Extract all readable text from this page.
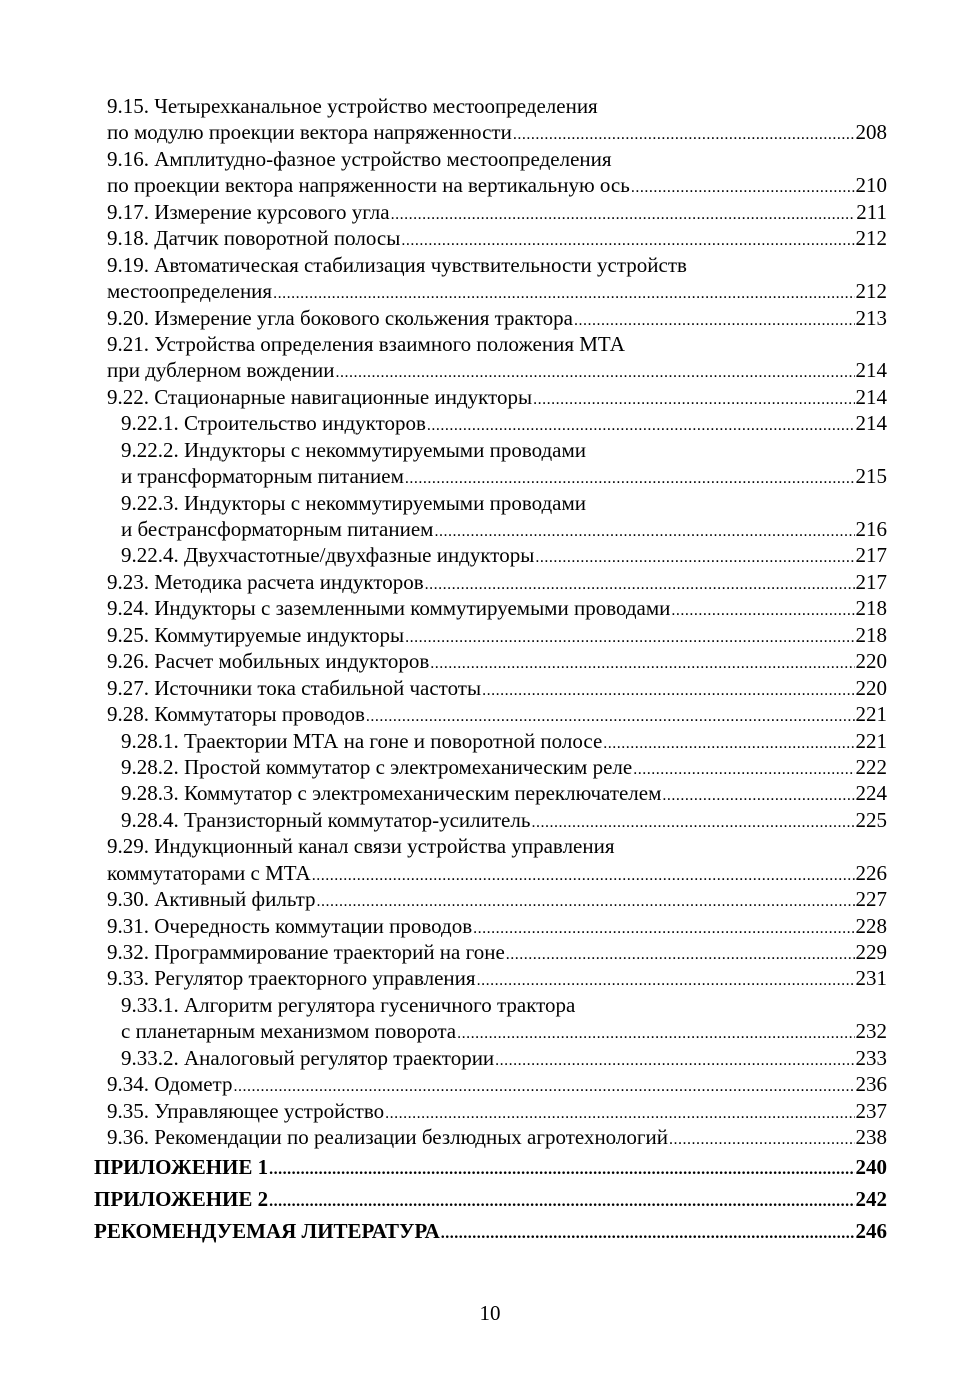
9.15. Четырехканальное устройство местоопределения
по модулю проекции вектора напряженности .....	208
9.16. Амплитудно-фазное устройство местоопределения
по проекции вектора напряженности на вертикальную ось .....	210
9.17. Измерение курсового угла .....	211
9.18. Датчик поворотной полосы .....	212
9.19. Автоматическая стабилизация чувствительности устройств
местоопределения .....	212
9.20. Измерение угла бокового скольжения трактора .....	213
9.21. Устройства определения взаимного положения МТА
при дублерном вождении .....	214
9.22. Стационарные навигационные индукторы .....	214
9.22.1. Строительство индукторов .....	214
9.22.2. Индукторы с некоммутируемыми проводами
и трансформаторным питанием .....	215
9.22.3. Индукторы с некоммутируемыми проводами
и бестрансформаторным питанием .....	216
9.22.4. Двухчастотные/двухфазные индукторы .....	217
9.23. Методика расчета индукторов .....	217
9.24. Индукторы с заземленными коммутируемыми проводами .....	218
9.25. Коммутируемые индукторы .....	218
9.26. Расчет мобильных индукторов .....	220
9.27. Источники тока стабильной частоты .....	220
9.28. Коммутаторы проводов .....	221
9.28.1. Траектории МТА на гоне и поворотной полосе .....	221
9.28.2. Простой коммутатор с электромеханическим реле .....	222
9.28.3. Коммутатор с электромеханическим переключателем .....	224
9.28.4. Транзисторный коммутатор-усилитель .....	225
9.29. Индукционный канал связи устройства управления
коммутаторами с МТА .....	226
9.30. Активный фильтр .....	227
9.31. Очередность коммутации проводов .....	228
9.32. Программирование траекторий на гоне .....	229
9.33. Регулятор траекторного управления .....	231
9.33.1. Алгоритм регулятора гусеничного трактора
с планетарным механизмом поворота .....	232
9.33.2. Аналоговый регулятор траектории .....	233
9.34. Одометр .....	236
9.35. Управляющее устройство .....	237
9.36. Рекомендации по реализации безлюдных агротехнологий .....	238
ПРИЛОЖЕНИЕ 1 .....	240
ПРИЛОЖЕНИЕ 2 .....	242
РЕКОМЕНДУЕМАЯ ЛИТЕРАТУРА .....	246
10
